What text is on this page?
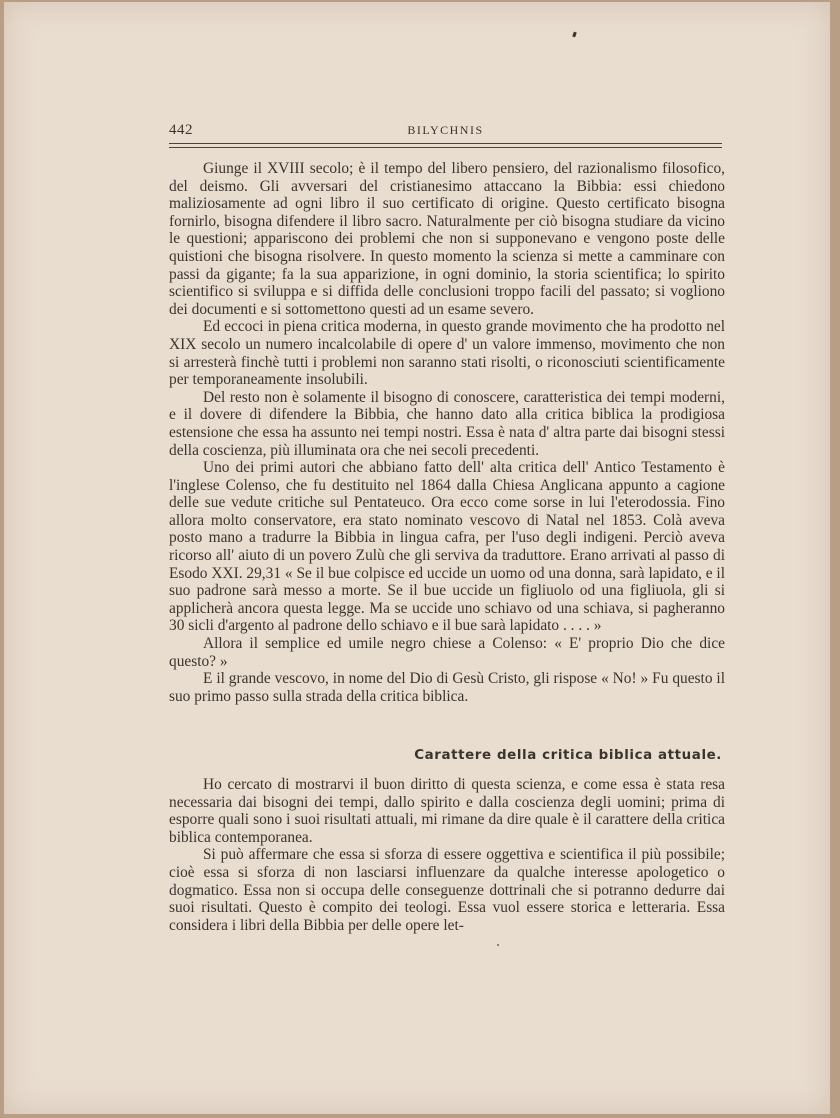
442	BILYCHNIS

Giunge il XVIII secolo; è il tempo del libero pensiero, del razionalismo filosofico, del deismo. Gli avversari del cristianesimo attaccano la Bibbia: essi chiedono maliziosamente ad ogni libro il suo certificato di origine. Questo certificato bisogna fornirlo, bisogna difendere il libro sacro. Naturalmente per ciò bisogna studiare da vicino le questioni; appariscono dei problemi che non si supponevano e vengono poste delle quistioni che bisogna risolvere. In questo momento la scienza si mette a camminare con passi da gigante; fa la sua apparizione, in ogni dominio, la storia scientifica; lo spirito scientifico si sviluppa e si diffida delle conclusioni troppo facili del passato; si vogliono dei documenti e si sottomettono questi ad un esame severo.

Ed eccoci in piena critica moderna, in questo grande movimento che ha prodotto nel XIX secolo un numero incalcolabile di opere d' un valore immenso, movimento che non si arresterà finchè tutti i problemi non saranno stati risolti, o riconosciuti scientificamente per temporaneamente insolubili.

Del resto non è solamente il bisogno di conoscere, caratteristica dei tempi moderni, e il dovere di difendere la Bibbia, che hanno dato alla critica biblica la prodigiosa estensione che essa ha assunto nei tempi nostri. Essa è nata d' altra parte dai bisogni stessi della coscienza, più illuminata ora che nei secoli precedenti.

Uno dei primi autori che abbiano fatto dell' alta critica dell' Antico Testamento è l'inglese Colenso, che fu destituito nel 1864 dalla Chiesa Anglicana appunto a cagione delle sue vedute critiche sul Pentateuco. Ora ecco come sorse in lui l'eterodossia. Fino allora molto conservatore, era stato nominato vescovo di Natal nel 1853. Colà aveva posto mano a tradurre la Bibbia in lingua cafra, per l'uso degli indigeni. Perciò aveva ricorso all' aiuto di un povero Zulù che gli serviva da traduttore. Erano arrivati al passo di Esodo XXI. 29,31 « Se il bue colpisce ed uccide un uomo od una donna, sarà lapidato, e il suo padrone sarà messo a morte. Se il bue uccide un figliuolo od una figliuola, gli si applicherà ancora questa legge. Ma se uccide uno schiavo od una schiava, si pagheranno 30 sicli d'argento al padrone dello schiavo e il bue sarà lapidato . . . . »

Allora il semplice ed umile negro chiese a Colenso: « E' proprio Dio che dice questo? »

E il grande vescovo, in nome del Dio di Gesù Cristo, gli rispose « No! » Fu questo il suo primo passo sulla strada della critica biblica.

Carattere della critica biblica attuale.

Ho cercato di mostrarvi il buon diritto di questa scienza, e come essa è stata resa necessaria dai bisogni dei tempi, dallo spirito e dalla coscienza degli uomini; prima di esporre quali sono i suoi risultati attuali, mi rimane da dire quale è il carattere della critica biblica contemporanea.

Si può affermare che essa si sforza di essere oggettiva e scientifica il più possibile; cioè essa si sforza di non lasciarsi influenzare da qualche interesse apologetico o dogmatico. Essa non si occupa delle conseguenze dottrinali che si potranno dedurre dai suoi risultati. Questo è compito dei teologi. Essa vuol essere storica e letteraria. Essa considera i libri della Bibbia per delle opere let-
